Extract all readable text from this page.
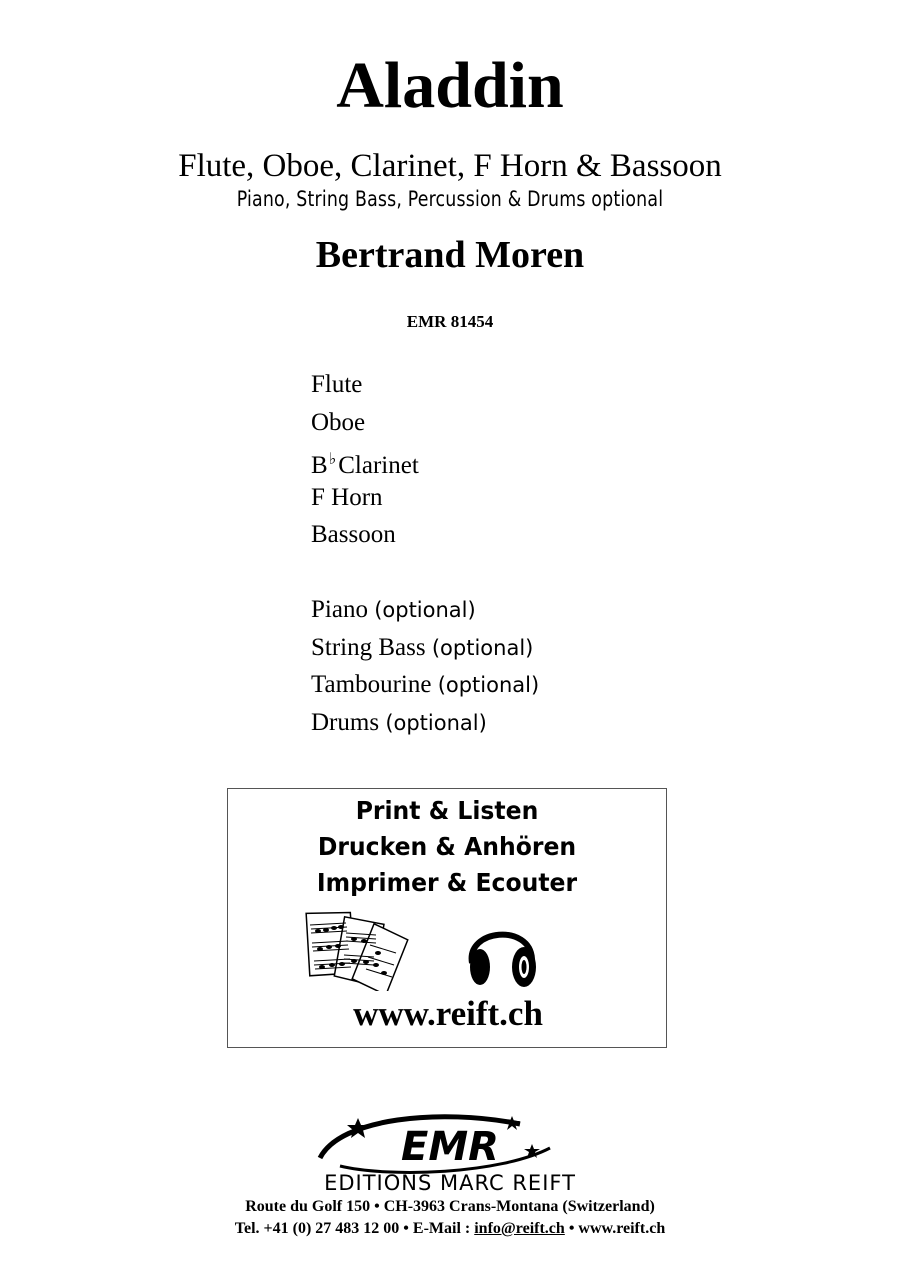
Aladdin
Flute, Oboe, Clarinet, F Horn & Bassoon
Piano, String Bass, Percussion & Drums optional
Bertrand Moren
EMR 81454
Flute
Oboe
B♭Clarinet
F Horn
Bassoon
Piano (optional)
String Bass (optional)
Tambourine (optional)
Drums (optional)
Print & Listen
Drucken & Anhören
Imprimer & Ecouter
www.reift.ch
EMR
EDITIONS MARC REIFT
Route du Golf 150 • CH-3963 Crans-Montana (Switzerland)
Tel. +41 (0) 27 483 12 00 • E-Mail : info@reift.ch • www.reift.ch
